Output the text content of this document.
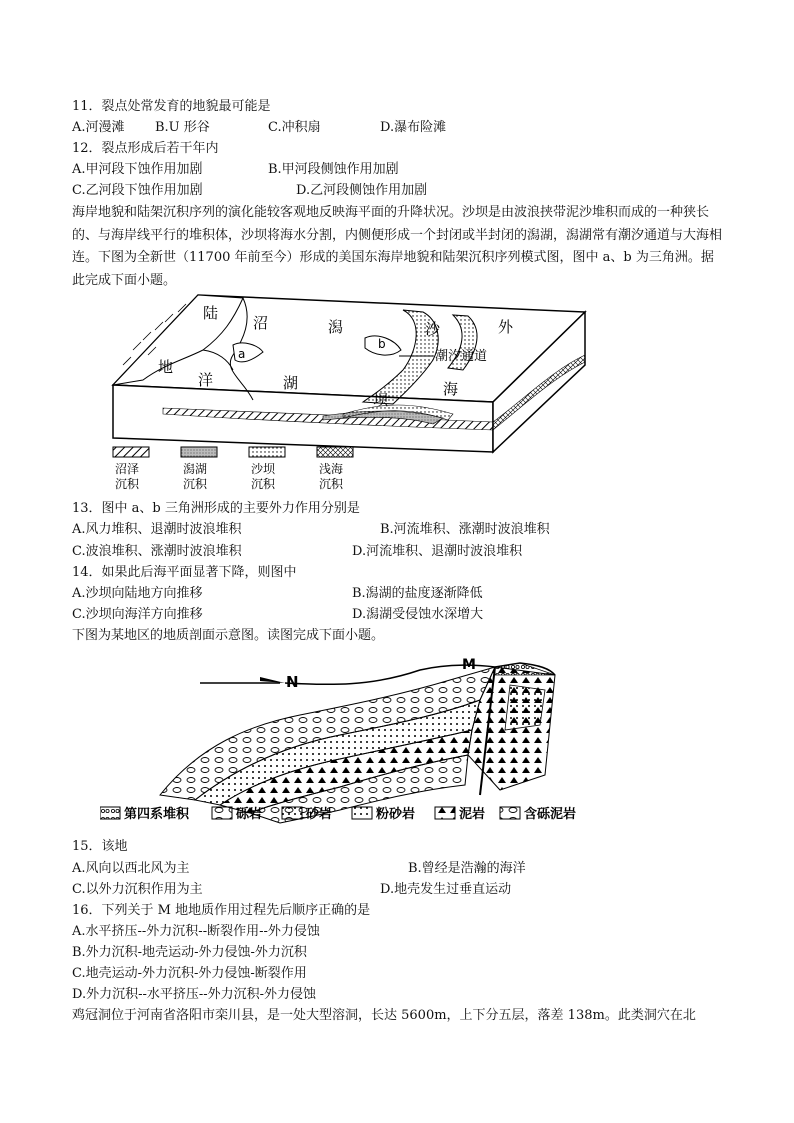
11．裂点处常发育的地貌最可能是
A.河漫滩 B.U 形谷	C.冲积扇	D.瀑布险滩
12．裂点形成后若干年内
A.甲河段下蚀作用加剧	B.甲河段侧蚀作用加剧
C.乙河段下蚀作用加剧	D.乙河段侧蚀作用加剧
海岸地貌和陆架沉积序列的演化能较客观地反映海平面的升降状况。沙坝是由波浪挟带泥沙堆积而成的一种狭长的、与海岸线平行的堆积体，沙坝将海水分割，内侧便形成一个封闭或半封闭的潟湖，潟湖常有潮汐通道与大海相连。下图为全新世（11700 年前至今）形成的美国东海岸地貌和陆架沉积序列模式图，图中 a、b 为三角洲。据此完成下面小题。
陆
沼	潟	沙	外
地
洋	湖
坝
海
a
b
潮汐通道
沼泽
沉积
潟湖
沉积
沙坝
沉积
浅海
沉积
13．图中 a、b 三角洲形成的主要外力作用分别是
A.风力堆积、退潮时波浪堆积	B.河流堆积、涨潮时波浪堆积
C.波浪堆积、涨潮时波浪堆积	D.河流堆积、退潮时波浪堆积
14．如果此后海平面显著下降，则图中
A.沙坝向陆地方向推移	B.潟湖的盐度逐渐降低
C.沙坝向海洋方向推移	D.潟湖受侵蚀水深增大
下图为某地区的地质剖面示意图。读图完成下面小题。
N
M
第四系堆积	砾岩	砂岩	粉砂岩	泥岩	含砾泥岩
15．该地
A.风向以西北风为主	B.曾经是浩瀚的海洋
C.以外力沉积作用为主	D.地壳发生过垂直运动
16．下列关于 M 地地质作用过程先后顺序正确的是
A.水平挤压--外力沉积--断裂作用--外力侵蚀
B.外力沉积-地壳运动-外力侵蚀-外力沉积
C.地壳运动-外力沉积-外力侵蚀-断裂作用
D.外力沉积--水平挤压--外力沉积-外力侵蚀
鸡冠洞位于河南省洛阳市栾川县，是一处大型溶洞，长达 5600m，上下分五层，落差 138m。此类洞穴在北
